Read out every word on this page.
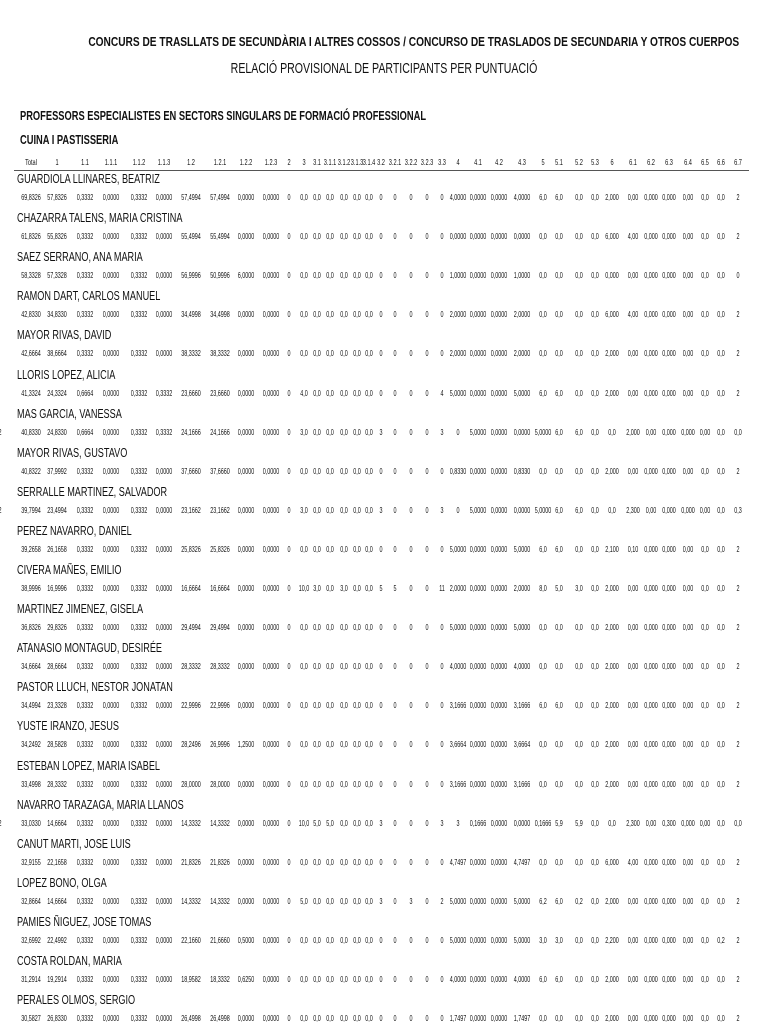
CONCURS DE TRASLLATS DE SECUNDÀRIA I ALTRES COSSOS / CONCURSO DE TRASLADOS DE SECUNDARIA Y OTROS CUERPOS
RELACIÓ PROVISIONAL DE PARTICIPANTS PER PUNTUACIÓ
PROFESSORS ESPECIALISTES EN SECTORS SINGULARS DE FORMACIÓ PROFESSIONAL
CUINA I PASTISSERIA
Total 1	1.1 1.1.1 1.1.2 1.1.3 1.2 1.2.1 1.2.2 1.2.3 2 3 3.1 3.1.1 3.1.2 3.1.3 3.1.4 3.2 3.2.1 3.2.2 3.2.3 3.3 4 4.1 4.2 4.3 5 5.1 5.2 5.3 6 6.1 6.2 6.3 6.4 6.5 6.6 6.7
GUARDIOLA LLINARES, BEATRIZ
69,8326 57,8326 0,3332 0,0000 0,3332 0,0000 57,4994 57,4994 0,0000 0,0000 0 0,0 0,0 0,0 0,0 0,0 0,0 0 0 0 0 0 4,0000 0,0000 0,0000 4,0000 6,0 6,0 0,0 0,0 2,000 0,00 0,000 0,000 0,00 0,0 0,0 2
CHAZARRA TALENS, MARIA CRISTINA
61,8326 55,8326 0,3332 0,0000 0,3332 0,0000 55,4994 55,4994 0,0000 0,0000 0 0,0 0,0 0,0 0,0 0,0 0,0 0 0 0 0 0 0,0000 0,0000 0,0000 0,0000 0,0 0,0 0,0 0,0 6,000 4,00 0,000 0,000 0,00 0,0 0,0 2
SAEZ SERRANO, ANA MARIA
58,3328 57,3328 0,3332 0,0000 0,3332 0,0000 56,9996 50,9996 6,0000 0,0000 0 0,0 0,0 0,0 0,0 0,0 0,0 0 0 0 0 0 1,0000 0,0000 0,0000 1,0000 0,0 0,0 0,0 0,0 0,000 0,00 0,000 0,000 0,00 0,0 0,0 0
RAMON DART, CARLOS MANUEL
42,8330 34,8330 0,3332 0,0000 0,3332 0,0000 34,4998 34,4998 0,0000 0,0000 0 0,0 0,0 0,0 0,0 0,0 0,0 0 0 0 0 0 2,0000 0,0000 0,0000 2,0000 0,0 0,0 0,0 0,0 6,000 4,00 0,000 0,000 0,00 0,0 0,0 2
MAYOR RIVAS, DAVID
42,6664 38,6664 0,3332 0,0000 0,3332 0,0000 38,3332 38,3332 0,0000 0,0000 0 0,0 0,0 0,0 0,0 0,0 0,0 0 0 0 0 0 2,0000 0,0000 0,0000 2,0000 0,0 0,0 0,0 0,0 2,000 0,00 0,000 0,000 0,00 0,0 0,0 2
LLORIS LOPEZ, ALICIA
41,3324 24,3324 0,6664 0,0000 0,3332 0,3332 23,6660 23,6660 0,0000 0,0000 0 4,0 0,0 0,0 0,0 0,0 0,0 0 0 0 0 4 5,0000 0,0000 0,0000 5,0000 6,0 6,0 0,0 0,0 2,000 0,00 0,000 0,000 0,00 0,0 0,0 2
MAS GARCIA, VANESSA
40,8330 24,8330 0,6664 0,0000 0,3332 0,3332 24,1666 24,1666 0,0000 0,0000 0 3,0 0,0 0,0 0,0 0,0 0,0 3 0 0 0 3 0 5,0000 0,0000 0,0000 5,0000 6,0 6,0 0,0 0,0 2,000 0,00 0,000 0,000 0,00 0,0 0,0
MAYOR RIVAS, GUSTAVO
40,8322 37,9992 0,3332 0,0000 0,3332 0,0000 37,6660 37,6660 0,0000 0,0000 0 0,0 0,0 0,0 0,0 0,0 0,0 0 0 0 0 0 0,8330 0,0000 0,0000 0,8330 0,0 0,0 0,0 0,0 2,000 0,00 0,000 0,000 0,00 0,0 0,0 2
SERRALLE MARTINEZ, SALVADOR
39,7994 23,4994 0,3332 0,0000 0,3332 0,0000 23,1662 23,1662 0,0000 0,0000 0 3,0 0,0 0,0 0,0 0,0 0,0 3 0 0 0 3 0 5,0000 0,0000 0,0000 5,0000 6,0 6,0 0,0 0,0 2,300 0,00 0,000 0,000 0,00 0,0 0,3
PEREZ NAVARRO, DANIEL
39,2658 26,1658 0,3332 0,0000 0,3332 0,0000 25,8326 25,8326 0,0000 0,0000 0 0,0 0,0 0,0 0,0 0,0 0,0 0 0 0 0 0 5,0000 0,0000 0,0000 5,0000 6,0 6,0 0,0 0,0 2,100 0,10 0,000 0,000 0,00 0,0 0,0 2
CIVERA MAÑES, EMILIO
38,9996 16,9996 0,3332 0,0000 0,3332 0,0000 16,6664 16,6664 0,0000 0,0000 0 10,0 3,0 0,0 3,0 0,0 0,0 5 5 0 0 11 2,0000 0,0000 0,0000 2,0000 8,0 5,0 3,0 0,0 2,000 0,00 0,000 0,000 0,00 0,0 0,0 2
MARTINEZ JIMENEZ, GISELA
36,8326 29,8326 0,3332 0,0000 0,3332 0,0000 29,4994 29,4994 0,0000 0,0000 0 0,0 0,0 0,0 0,0 0,0 0,0 0 0 0 0 0 5,0000 0,0000 0,0000 5,0000 0,0 0,0 0,0 0,0 2,000 0,00 0,000 0,000 0,00 0,0 0,0 2
ATANASIO MONTAGUD, DESIRÉE
34,6664 28,6664 0,3332 0,0000 0,3332 0,0000 28,3332 28,3332 0,0000 0,0000 0 0,0 0,0 0,0 0,0 0,0 0,0 0 0 0 0 0 4,0000 0,0000 0,0000 4,0000 0,0 0,0 0,0 0,0 2,000 0,00 0,000 0,000 0,00 0,0 0,0 2
PASTOR LLUCH, NESTOR JONATAN
34,4994 23,3328 0,3332 0,0000 0,3332 0,0000 22,9996 22,9996 0,0000 0,0000 0 0,0 0,0 0,0 0,0 0,0 0,0 0 0 0 0 0 3,1666 0,0000 0,0000 3,1666 6,0 6,0 0,0 0,0 2,000 0,00 0,000 0,000 0,00 0,0 0,0 2
YUSTE IRANZO, JESUS
34,2492 28,5828 0,3332 0,0000 0,3332 0,0000 28,2496 26,9996 1,2500 0,0000 0 0,0 0,0 0,0 0,0 0,0 0,0 0 0 0 0 0 3,6664 0,0000 0,0000 3,6664 0,0 0,0 0,0 0,0 2,000 0,00 0,000 0,000 0,00 0,0 0,0 2
ESTEBAN LOPEZ, MARIA ISABEL
33,4998 28,3332 0,3332 0,0000 0,3332 0,0000 28,0000 28,0000 0,0000 0,0000 0 0,0 0,0 0,0 0,0 0,0 0,0 0 0 0 0 0 3,1666 0,0000 0,0000 3,1666 0,0 0,0 0,0 0,0 2,000 0,00 0,000 0,000 0,00 0,0 0,0 2
NAVARRO TARAZAGA, MARIA LLANOS
33,0330 14,6664 0,3332 0,0000 0,3332 0,0000 14,3332 14,3332 0,0000 0,0000 0 10,0 5,0 5,0 0,0 0,0 0,0 3 0 0 0 3 3 0,1666 0,0000 0,0000 0,1666 5,9 5,9 0,0 0,0 2,300 0,00 0,300 0,000 0,00 0,0 0,0
CANUT MARTI, JOSE LUIS
32,9155 22,1658 0,3332 0,0000 0,3332 0,0000 21,8326 21,8326 0,0000 0,0000 0 0,0 0,0 0,0 0,0 0,0 0,0 0 0 0 0 0 4,7497 0,0000 0,0000 4,7497 0,0 0,0 0,0 0,0 6,000 4,00 0,000 0,000 0,00 0,0 0,0 2
LOPEZ BONO, OLGA
32,8664 14,6664 0,3332 0,0000 0,3332 0,0000 14,3332 14,3332 0,0000 0,0000 0 5,0 0,0 0,0 0,0 0,0 0,0 3 0 3 0 2 5,0000 0,0000 0,0000 5,0000 6,2 6,0 0,2 0,0 2,000 0,00 0,000 0,000 0,00 0,0 0,0 2
PAMIES ÑIGUEZ, JOSE TOMAS
32,6992 22,4992 0,3332 0,0000 0,3332 0,0000 22,1660 21,6660 0,5000 0,0000 0 0,0 0,0 0,0 0,0 0,0 0,0 0 0 0 0 0 5,0000 0,0000 0,0000 5,0000 3,0 3,0 0,0 0,0 2,200 0,00 0,000 0,000 0,00 0,0 0,2 2
COSTA ROLDAN, MARIA
31,2914 19,2914 0,3332 0,0000 0,3332 0,0000 18,9582 18,3332 0,6250 0,0000 0 0,0 0,0 0,0 0,0 0,0 0,0 0 0 0 0 0 4,0000 0,0000 0,0000 4,0000 6,0 6,0 0,0 0,0 2,000 0,00 0,000 0,000 0,00 0,0 0,0 2
PERALES OLMOS, SERGIO
30,5827 26,8330 0,3332 0,0000 0,3332 0,0000 26,4998 26,4998 0,0000 0,0000 0 0,0 0,0 0,0 0,0 0,0 0,0 0 0 0 0 0 1,7497 0,0000 0,0000 1,7497 0,0 0,0 0,0 0,0 2,000 0,00 0,000 0,000 0,00 0,0 0,0 2
